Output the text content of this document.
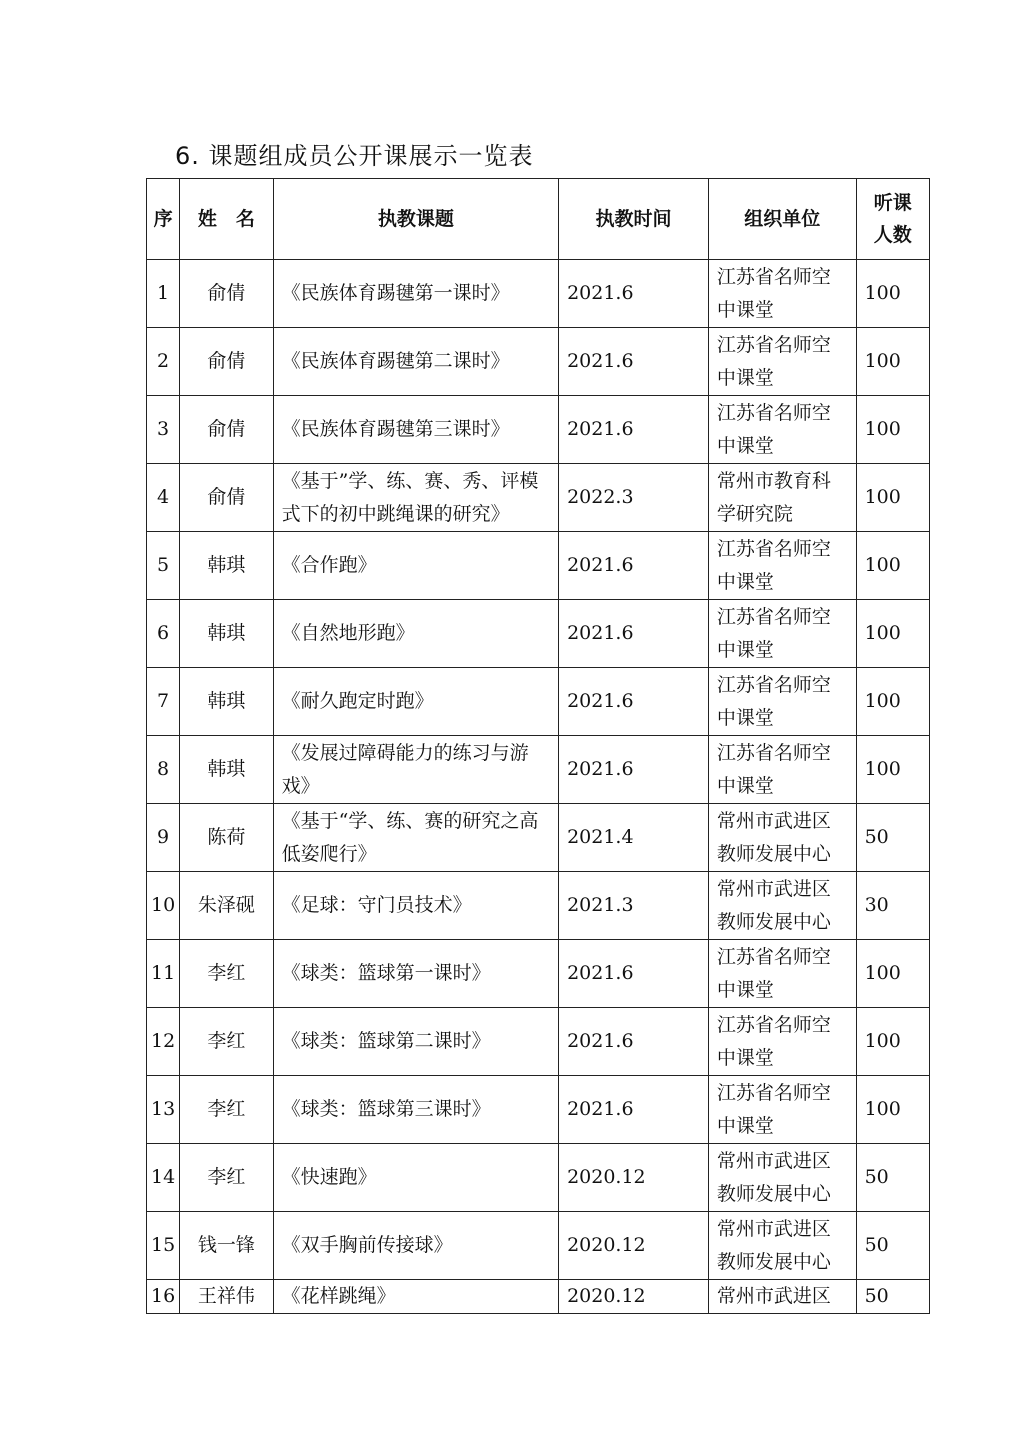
6. 课题组成员公开课展示一览表
序	姓　名	执教课题	执教时间	组织单位	听课
人数
1	俞倩	《民族体育踢毽第一课时》	2021.6	江苏省名师空中课堂	100
2	俞倩	《民族体育踢毽第二课时》	2021.6	江苏省名师空中课堂	100
3	俞倩	《民族体育踢毽第三课时》	2021.6	江苏省名师空中课堂	100
4	俞倩	《基于”学、练、赛、秀、评模式下的初中跳绳课的研究》	2022.3	常州市教育科学研究院	100
5	韩琪	《合作跑》	2021.6	江苏省名师空中课堂	100
6	韩琪	《自然地形跑》	2021.6	江苏省名师空中课堂	100
7	韩琪	《耐久跑定时跑》	2021.6	江苏省名师空中课堂	100
8	韩琪	《发展过障碍能力的练习与游戏》	2021.6	江苏省名师空中课堂	100
9	陈荷	《基于“学、练、赛的研究之高低姿爬行》	2021.4	常州市武进区教师发展中心	50
10	朱泽砚	《足球：守门员技术》	2021.3	常州市武进区教师发展中心	30
11	李红	《球类：篮球第一课时》	2021.6	江苏省名师空中课堂	100
12	李红	《球类：篮球第二课时》	2021.6	江苏省名师空中课堂	100
13	李红	《球类：篮球第三课时》	2021.6	江苏省名师空中课堂	100
14	李红	《快速跑》	2020.12	常州市武进区教师发展中心	50
15	钱一锋	《双手胸前传接球》	2020.12	常州市武进区教师发展中心	50
16	王祥伟	《花样跳绳》	2020.12	常州市武进区	50
